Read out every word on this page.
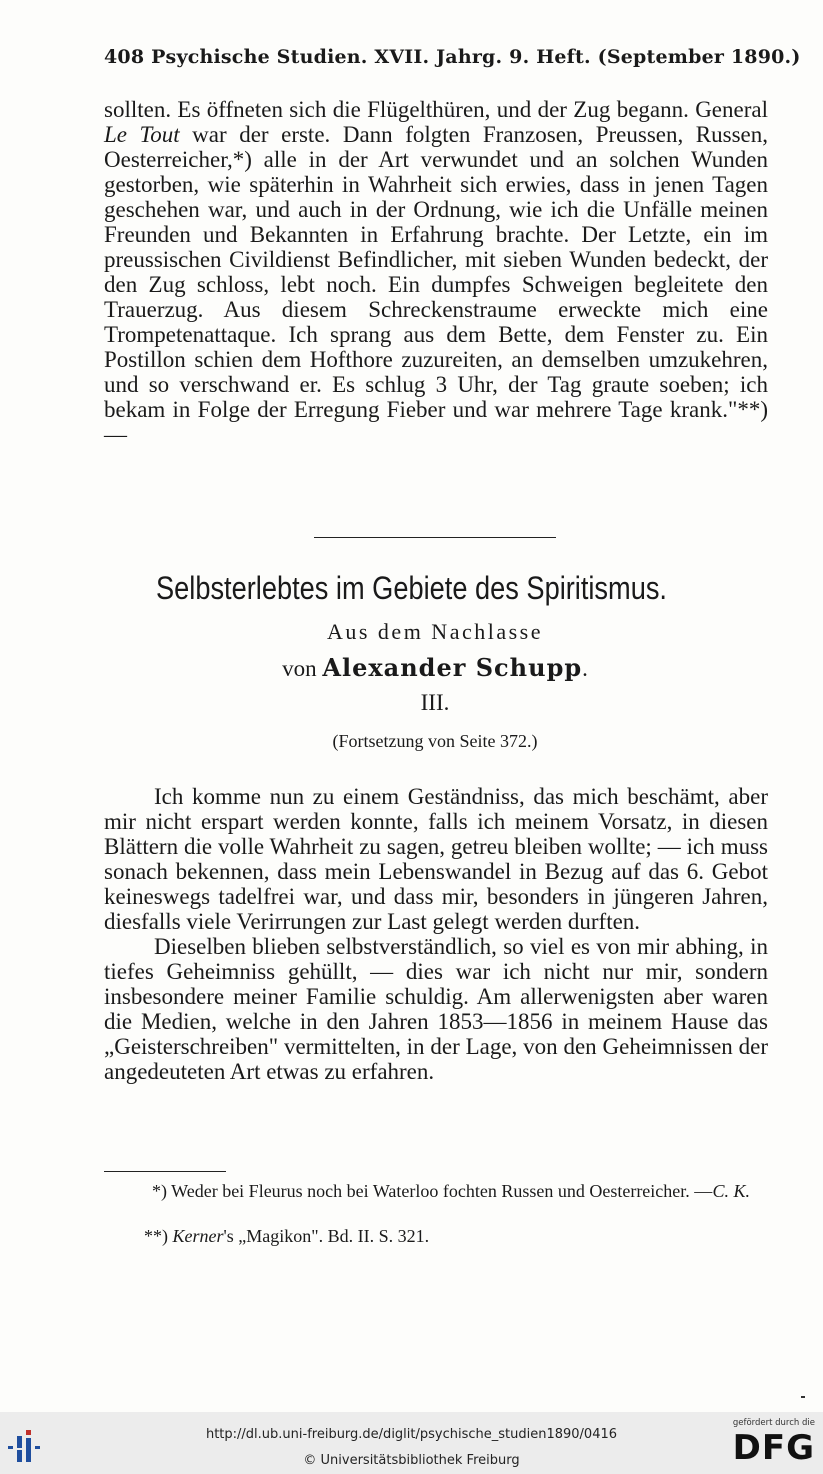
408 Psychische Studien. XVII. Jahrg. 9. Heft. (September 1890.)

sollten. Es öffneten sich die Flügelthüren, und der Zug begann. General Le Tout war der erste. Dann folgten Franzosen, Preussen, Russen, Oesterreicher,*) alle in der Art verwundet und an solchen Wunden gestorben, wie späterhin in Wahrheit sich erwies, dass in jenen Tagen geschehen war, und auch in der Ordnung, wie ich die Unfälle meinen Freunden und Bekannten in Erfahrung brachte. Der Letzte, ein im preussischen Civildienst Befindlicher, mit sieben Wunden bedeckt, der den Zug schloss, lebt noch. Ein dumpfes Schweigen begleitete den Trauerzug. Aus diesem Schreckenstraume erweckte mich eine Trompetenattaque. Ich sprang aus dem Bette, dem Fenster zu. Ein Postillon schien dem Hofthore zuzureiten, an demselben umzukehren, und so verschwand er. Es schlug 3 Uhr, der Tag graute soeben; ich bekam in Folge der Erregung Fieber und war mehrere Tage krank."**) —

Selbsterlebtes im Gebiete des Spiritismus.
Aus dem Nachlasse
von Alexander Schupp.
III.
(Fortsetzung von Seite 372.)

Ich komme nun zu einem Geständniss, das mich beschämt, aber mir nicht erspart werden konnte, falls ich meinem Vorsatz, in diesen Blättern die volle Wahrheit zu sagen, getreu bleiben wollte; — ich muss sonach bekennen, dass mein Lebenswandel in Bezug auf das 6. Gebot keineswegs tadelfrei war, und dass mir, besonders in jüngeren Jahren, diesfalls viele Verirrungen zur Last gelegt werden durften.

Dieselben blieben selbstverständlich, so viel es von mir abhing, in tiefes Geheimniss gehüllt, — dies war ich nicht nur mir, sondern insbesondere meiner Familie schuldig. Am allerwenigsten aber waren die Medien, welche in den Jahren 1853—1856 in meinem Hause das „Geisterschreiben" vermittelten, in der Lage, von den Geheimnissen der angedeuteten Art etwas zu erfahren.

*) Weder bei Fleurus noch bei Waterloo fochten Russen und Oesterreicher. — C. K.
**) Kerner's „Magikon". Bd. II. S. 321.
http://dl.ub.uni-freiburg.de/diglit/psychische_studien1890/0416
© Universitätsbibliothek Freiburg
gefördert durch die
DFG
